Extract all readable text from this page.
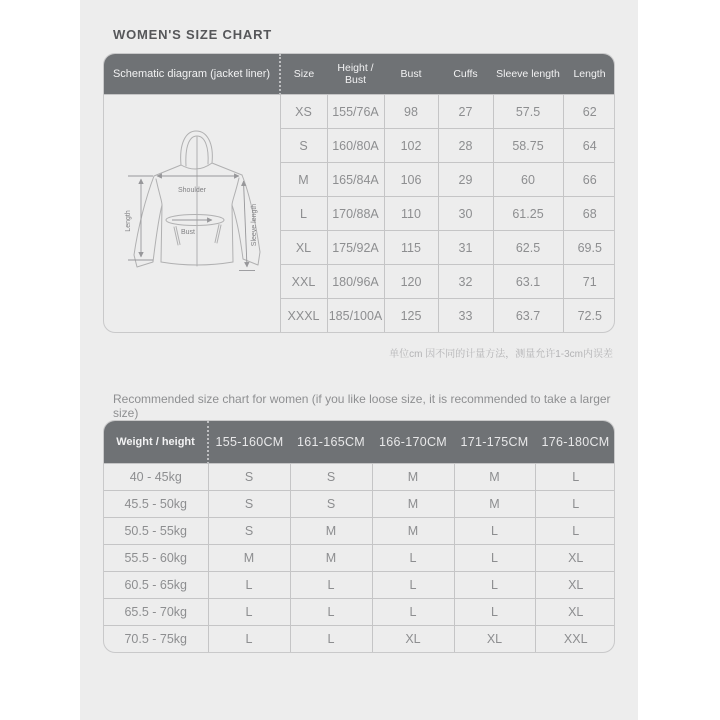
WOMEN'S SIZE CHART
Schematic diagram (jacket liner)	Size	Height / Bust	Bust	Cuffs	Sleeve length	Length

Shoulder
Bust
Length Sleeve length	XS	155/76A	98	27	57.5	62
	S	160/80A	102	28	58.75	64
	M	165/84A	106	29	60	66
	L	170/88A	110	30	61.25	68
	XL	175/92A	115	31	62.5	69.5
	XXL	180/96A	120	32	63.1	71
	XXXL	185/100A	125	33	63.7	72.5
单位cm 因不同的计量方法，测量允许1-3cm内误差
Recommended size chart for women (if you like loose size, it is recommended to take a larger size)
Weight / height	155-160CM	161-165CM	166-170CM	171-175CM	176-180CM
40 - 45kg	S	S	M	M	L
45.5 - 50kg	S	S	M	M	L
50.5 - 55kg	S	M	M	L	L
55.5 - 60kg	M	M	L	L	XL
60.5 - 65kg	L	L	L	L	XL
65.5 - 70kg	L	L	L	L	XL
70.5 - 75kg	L	L	XL	XL	XXL
